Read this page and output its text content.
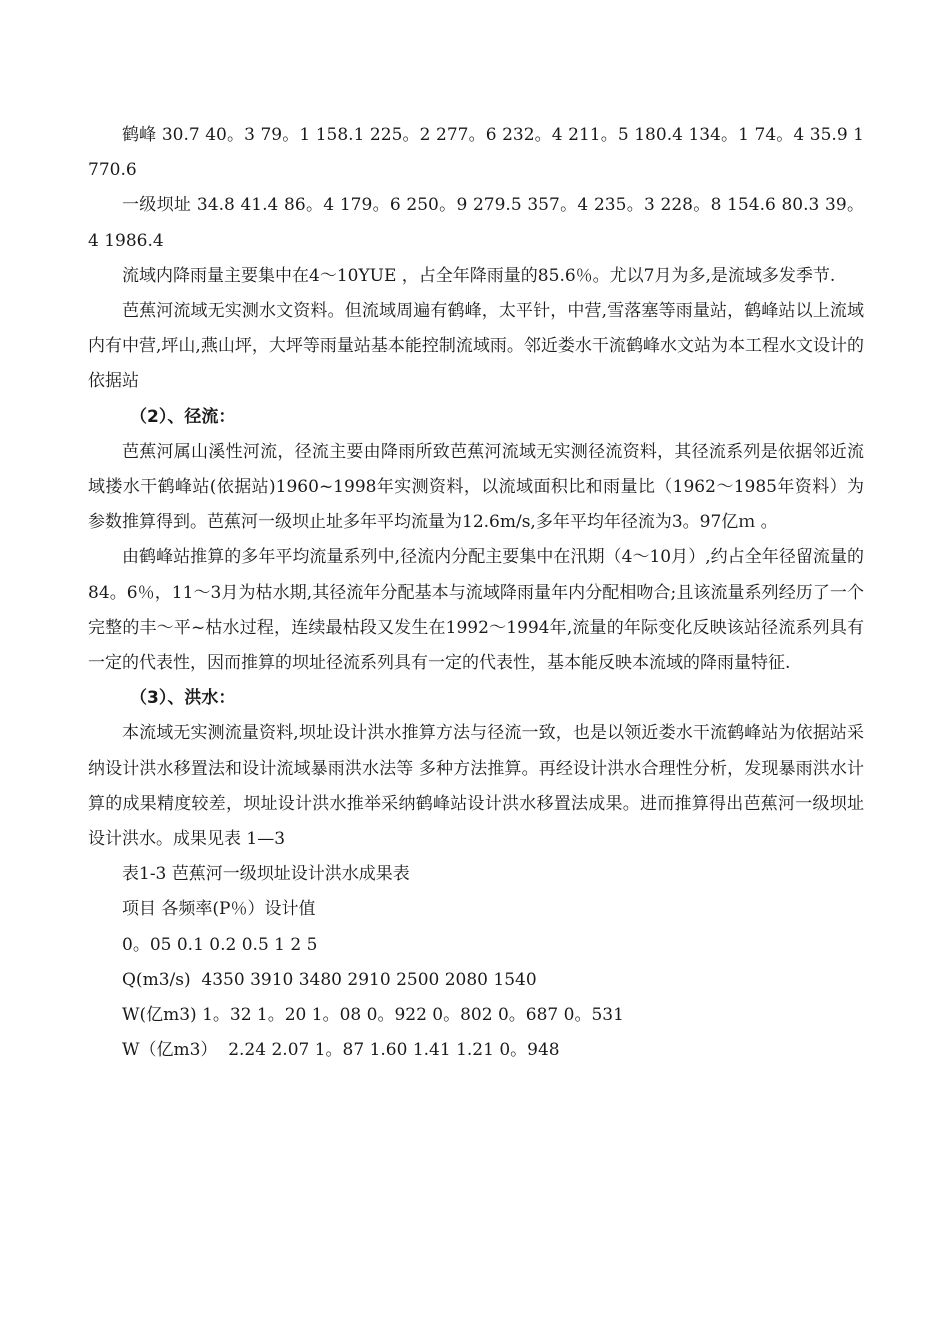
鹤峰 30.7 40。3 79。1 158.1 225。2 277。6 232。4 211。5 180.4 134。1 74。4 35.9 1770.6

一级坝址 34.8 41.4 86。4 179。6 250。9 279.5 357。4 235。3 228。8 154.6 80.3 39。4 1986.4

流域内降雨量主要集中在4～10YUE ，占全年降雨量的85.6％。尤以7月为多,是流域多发季节.

芭蕉河流域无实测水文资料。但流域周遍有鹤峰，太平针，中营,雪落塞等雨量站，鹤峰站以上流域内有中营,坪山,燕山坪，大坪等雨量站基本能控制流域雨。邻近娄水干流鹤峰水文站为本工程水文设计的依据站

（2）、径流：

芭蕉河属山溪性河流，径流主要由降雨所致芭蕉河流域无实测径流资料，其径流系列是依据邻近流域搂水干鹤峰站(依据站)1960~1998年实测资料，以流域面积比和雨量比（1962～1985年资料）为参数推算得到。芭蕉河一级坝止址多年平均流量为12.6m/s,多年平均年径流为3。97亿ｍ 。

由鹤峰站推算的多年平均流量系列中,径流内分配主要集中在汛期（4～10月）,约占全年径留流量的84。6％，11～3月为枯水期,其径流年分配基本与流域降雨量年内分配相吻合;且该流量系列经历了一个完整的丰～平~枯水过程，连续最枯段又发生在1992～1994年,流量的年际变化反映该站径流系列具有一定的代表性，因而推算的坝址径流系列具有一定的代表性，基本能反映本流域的降雨量特征.

（3）、洪水：

本流域无实测流量资料,坝址设计洪水推算方法与径流一致，也是以领近娄水干流鹤峰站为依据站采纳设计洪水移置法和设计流域暴雨洪水法等 多种方法推算。再经设计洪水合理性分析，发现暴雨洪水计算的成果精度较差，坝址设计洪水推举采纳鹤峰站设计洪水移置法成果。进而推算得出芭蕉河一级坝址设计洪水。成果见表 1—3

表1-3 芭蕉河一级坝址设计洪水成果表

项目 各频率(P％）设计值

0。05 0.1 0.2 0.5 1 2 5

Q(m3/s)  4350 3910 3480 2910 2500 2080 1540

W(亿m3) 1。32 1。20 1。08 0。922 0。802 0。687 0。531

W（亿m3）  2.24 2.07 1。87 1.60 1.41 1.21 0。948
